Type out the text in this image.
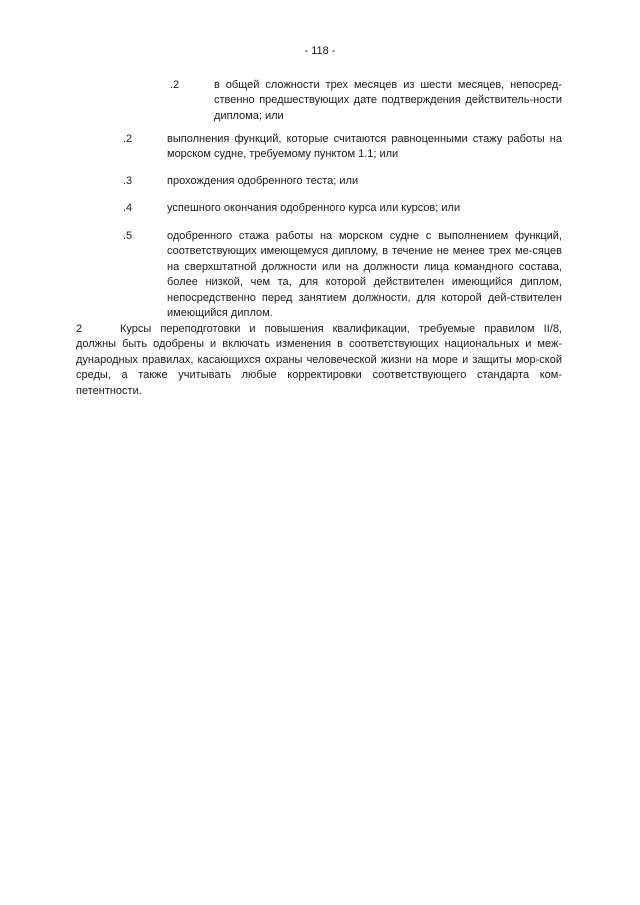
- 118 -
.2	в общей сложности трех месяцев из шести месяцев, непосред-ственно предшествующих дате подтверждения действитель-ности диплома; или
.2	выполнения функций, которые считаются равноценными стажу работы на морском судне, требуемому пунктом 1.1; или
.3	прохождения одобренного теста; или
.4	успешного окончания одобренного курса или курсов; или
.5	одобренного стажа работы на морском судне с выполнением функций, соответствующих имеющемуся диплому, в течение не менее трех ме-сяцев на сверхштатной должности или на должности лица командного состава, более низкой, чем та, для которой действителен имеющийся диплом, непосредственно перед занятием должности, для которой дей-ствителен имеющийся диплом.
2	Курсы переподготовки и повышения квалификации, требуемые правилом II/8, должны быть одобрены и включать изменения в соответствующих национальных и меж-дународных правилах, касающихся охраны человеческой жизни на море и защиты мор-ской среды, а также учитывать любые корректировки соответствующего стандарта ком-петентности.
